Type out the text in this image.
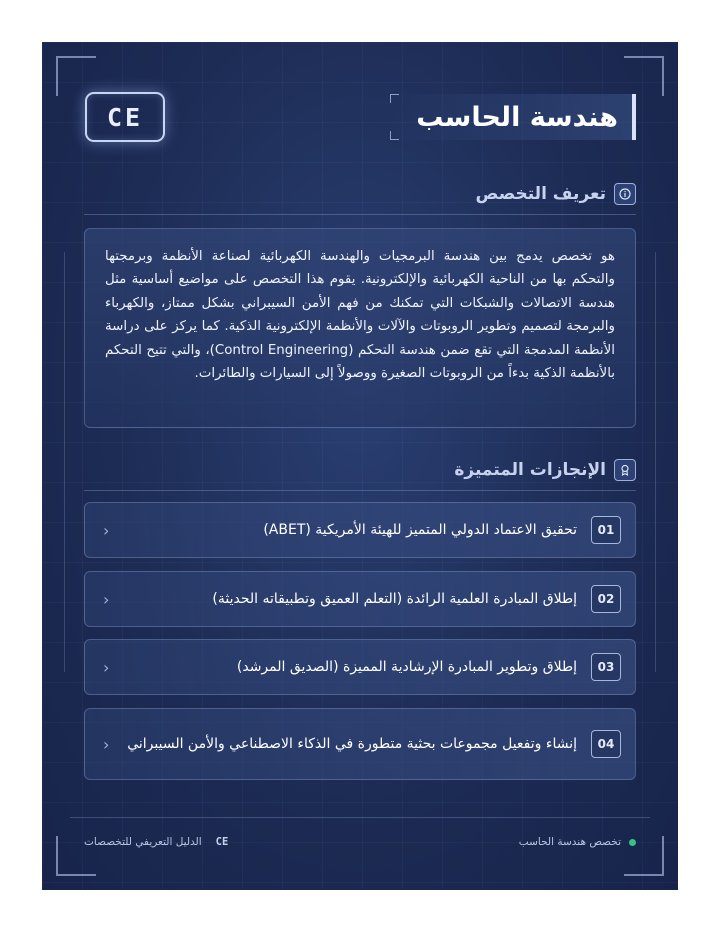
هندسة الحاسب
CE
تعريف التخصص

هو تخصص يدمج بين هندسة البرمجيات والهندسة الكهربائية لصناعة الأنظمة وبرمجتها والتحكم بها من الناحية الكهربائية والإلكترونية. يقوم هذا التخصص على مواضيع أساسية مثل هندسة الاتصالات والشبكات التي تمكنك من فهم الأمن السيبراني بشكل ممتاز، والكهرباء والبرمجة لتصميم وتطوير الروبوتات والآلات والأنظمة الإلكترونية الذكية. كما يركز على دراسة الأنظمة المدمجة التي تقع ضمن هندسة التحكم (Control Engineering)، والتي تتيح التحكم بالأنظمة الذكية بدءاً من الروبوتات الصغيرة ووصولاً إلى السيارات والطائرات.

الإنجازات المتميزة
01
تحقيق الاعتماد الدولي المتميز للهيئة الأمريكية (ABET)
‹
02
إطلاق المبادرة العلمية الرائدة (التعلم العميق وتطبيقاته الحديثة)
‹
03
إطلاق وتطوير المبادرة الإرشادية المميزة (الصديق المرشد)
‹
04
إنشاء وتفعيل مجموعات بحثية متطورة في الذكاء الاصطناعي والأمن السيبراني
‹
تخصص هندسة الحاسب
CE
الدليل التعريفي للتخصصات
